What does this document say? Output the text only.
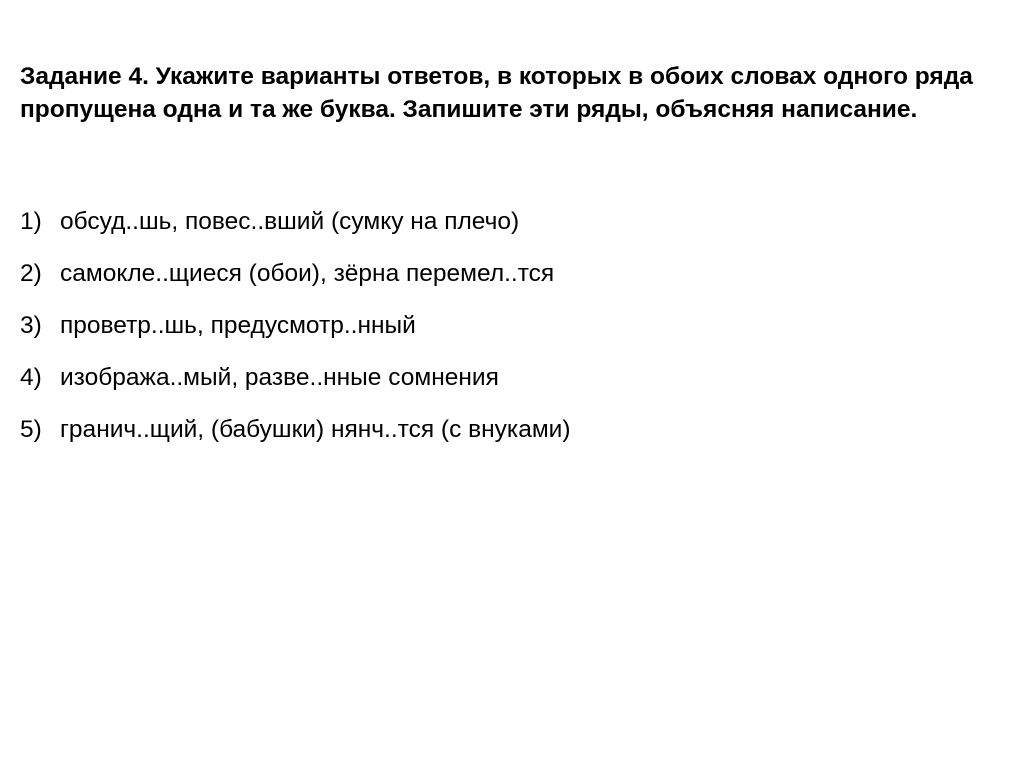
Задание 4. Укажите варианты ответов, в которых в обоих словах одного ряда пропущена одна и та же буква. Запишите эти ряды, объясняя написание.

1) обсуд..шь, повес..вший (сумку на плечо)
2) самокле..щиеся (обои), зёрна перемел..тся
3) проветр..шь, предусмотр..нный
4) изобража..мый, разве..нные сомнения
5) гранич..щий, (бабушки) нянч..тся (с внуками)
